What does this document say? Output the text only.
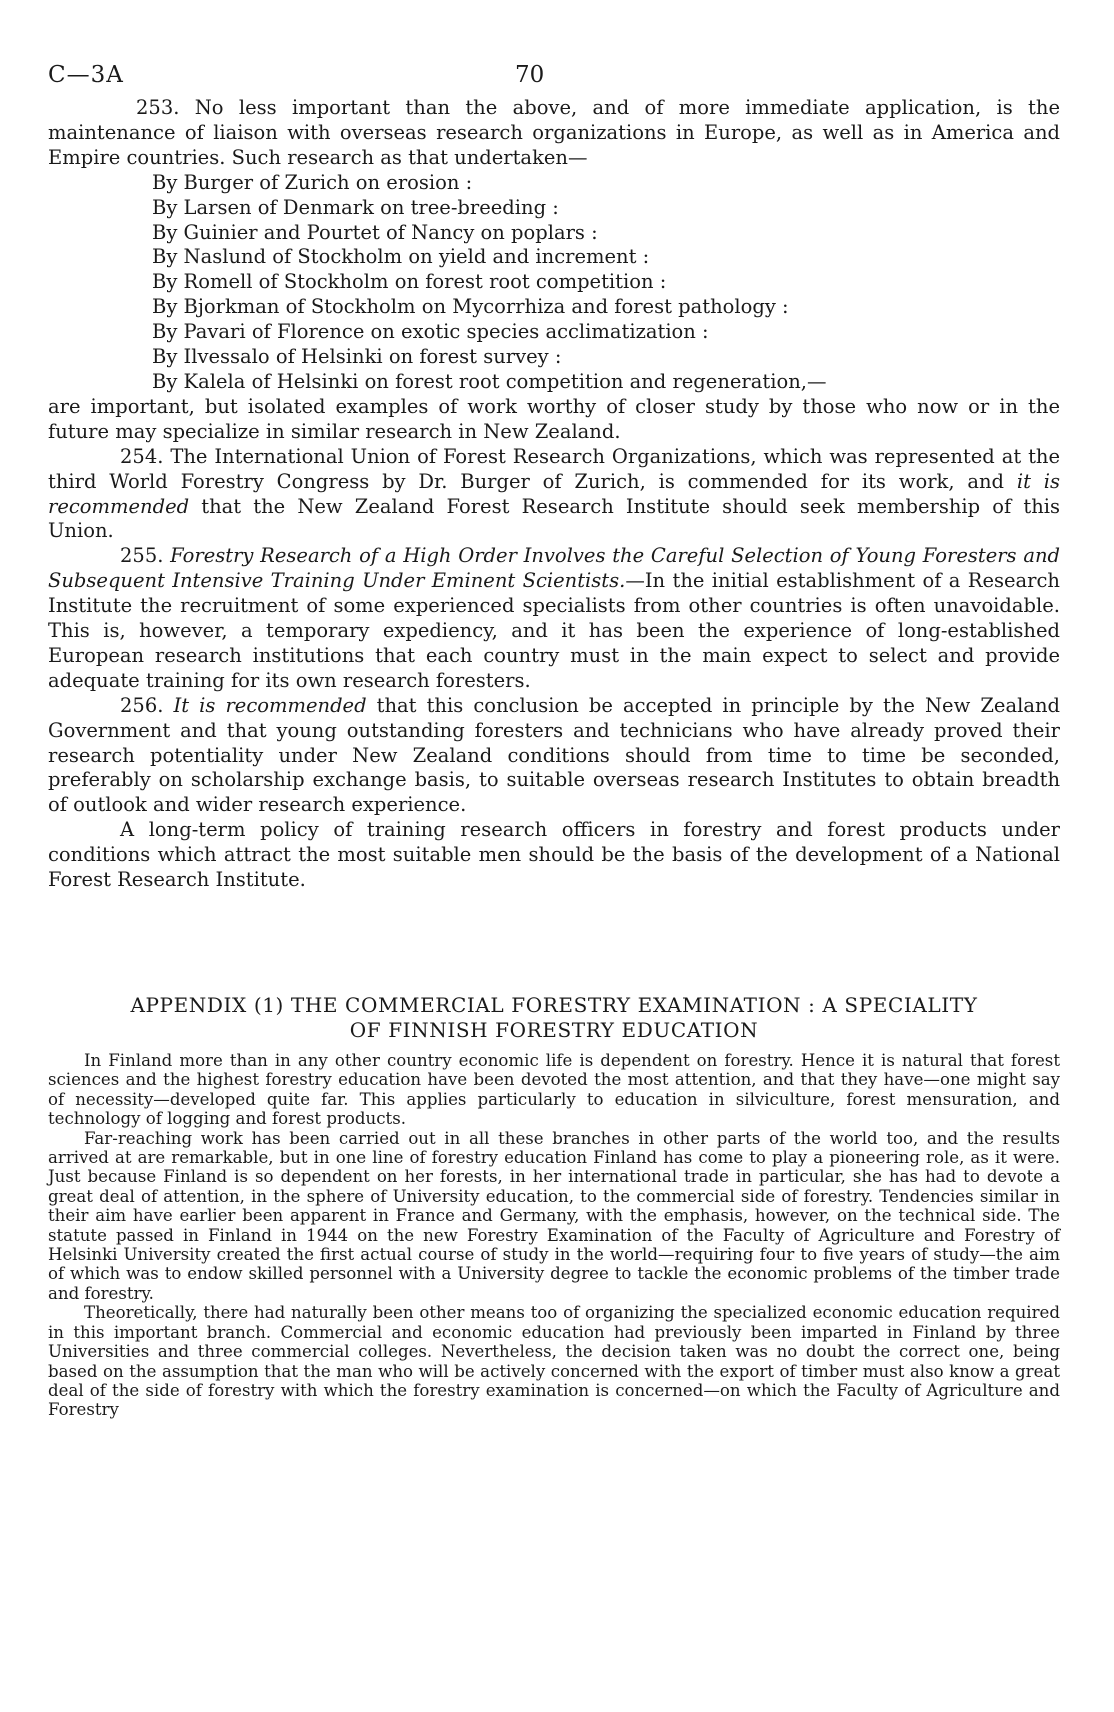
C—3A	70

253. No less important than the above, and of more immediate application, is the maintenance of liaison with overseas research organizations in Europe, as well as in America and Empire countries. Such research as that undertaken—

By Burger of Zurich on erosion :
By Larsen of Denmark on tree-breeding :
By Guinier and Pourtet of Nancy on poplars :
By Naslund of Stockholm on yield and increment :
By Romell of Stockholm on forest root competition :
By Bjorkman of Stockholm on Mycorrhiza and forest pathology :
By Pavari of Florence on exotic species acclimatization :
By Ilvessalo of Helsinki on forest survey :
By Kalela of Helsinki on forest root competition and regeneration,—

are important, but isolated examples of work worthy of closer study by those who now or in the future may specialize in similar research in New Zealand.

254. The International Union of Forest Research Organizations, which was represented at the third World Forestry Congress by Dr. Burger of Zurich, is commended for its work, and it is recommended that the New Zealand Forest Research Institute should seek membership of this Union.

255. Forestry Research of a High Order Involves the Careful Selection of Young Foresters and Subsequent Intensive Training Under Eminent Scientists.—In the initial establishment of a Research Institute the recruitment of some experienced specialists from other countries is often unavoidable. This is, however, a temporary expediency, and it has been the experience of long-established European research institutions that each country must in the main expect to select and provide adequate training for its own research foresters.

256. It is recommended that this conclusion be accepted in principle by the New Zealand Government and that young outstanding foresters and technicians who have already proved their research potentiality under New Zealand conditions should from time to time be seconded, preferably on scholarship exchange basis, to suitable overseas research Institutes to obtain breadth of outlook and wider research experience.

A long-term policy of training research officers in forestry and forest products under conditions which attract the most suitable men should be the basis of the development of a National Forest Research Institute.

APPENDIX (1) THE COMMERCIAL FORESTRY EXAMINATION : A SPECIALITY
OF FINNISH FORESTRY EDUCATION

In Finland more than in any other country economic life is dependent on forestry. Hence it is natural that forest sciences and the highest forestry education have been devoted the most attention, and that they have—one might say of necessity—developed quite far. This applies particularly to education in silviculture, forest mensuration, and technology of logging and forest products.

Far-reaching work has been carried out in all these branches in other parts of the world too, and the results arrived at are remarkable, but in one line of forestry education Finland has come to play a pioneering role, as it were. Just because Finland is so dependent on her forests, in her international trade in particular, she has had to devote a great deal of attention, in the sphere of University education, to the commercial side of forestry. Tendencies similar in their aim have earlier been apparent in France and Germany, with the emphasis, however, on the technical side. The statute passed in Finland in 1944 on the new Forestry Examination of the Faculty of Agriculture and Forestry of Helsinki University created the first actual course of study in the world—requiring four to five years of study—the aim of which was to endow skilled personnel with a University degree to tackle the economic problems of the timber trade and forestry.

Theoretically, there had naturally been other means too of organizing the specialized economic education required in this important branch. Commercial and economic education had previously been imparted in Finland by three Universities and three commercial colleges. Nevertheless, the decision taken was no doubt the correct one, being based on the assumption that the man who will be actively concerned with the export of timber must also know a great deal of the side of forestry with which the forestry examination is concerned—on which the Faculty of Agriculture and Forestry
